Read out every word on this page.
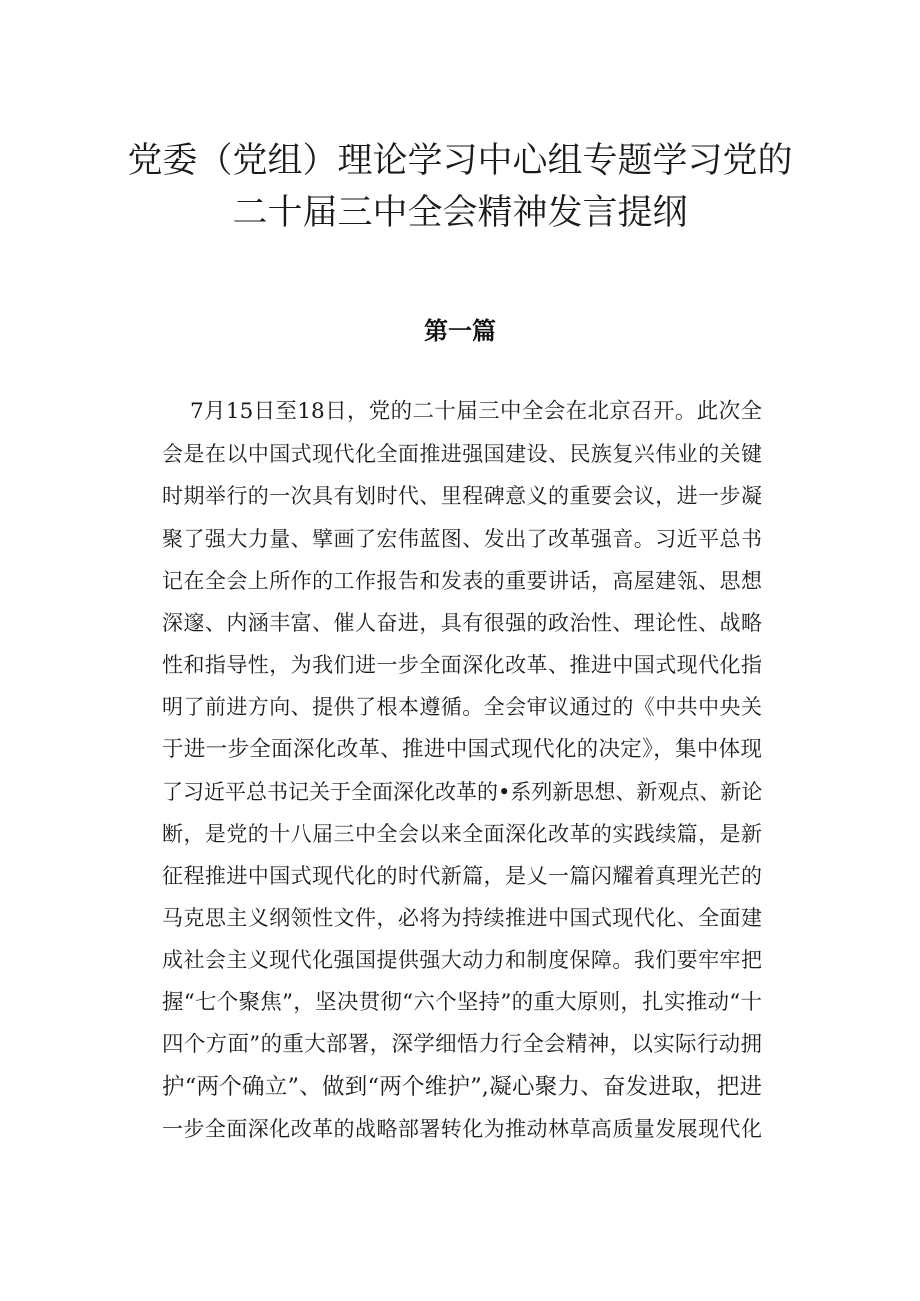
党委（党组）理论学习中心组专题学习党的
二十届三中全会精神发言提纲
第一篇
7月15日至18日，党的二十届三中全会在北京召开。此次全
会是在以中国式现代化全面推进强国建设、民族复兴伟业的关键
时期举行的一次具有划时代、里程碑意义的重要会议，进一步凝
聚了强大力量、擘画了宏伟蓝图、发出了改革强音。习近平总书
记在全会上所作的工作报告和发表的重要讲话，高屋建瓴、思想
深邃、内涵丰富、催人奋进，具有很强的政治性、理论性、战略
性和指导性，为我们进一步全面深化改革、推进中国式现代化指
明了前进方向、提供了根本遵循。全会审议通过的《中共中央关
于进一步全面深化改革、推进中国式现代化的决定》，集中体现
了习近平总书记关于全面深化改革的•系列新思想、新观点、新论
断，是党的十八届三中全会以来全面深化改革的实践续篇，是新
征程推进中国式现代化的时代新篇，是乂一篇闪耀着真理光芒的
马克思主义纲领性文件，必将为持续推进中国式现代化、全面建
成社会主义现代化强国提供强大动力和制度保障。我们要牢牢把
握“七个聚焦”，坚决贯彻“六个坚持”的重大原则，扎实推动“十
四个方面”的重大部署，深学细悟力行全会精神，以实际行动拥
护“两个确立”、做到“两个维护”,凝心聚力、奋发进取，把进
一步全面深化改革的战略部署转化为推动林草高质量发展现代化
